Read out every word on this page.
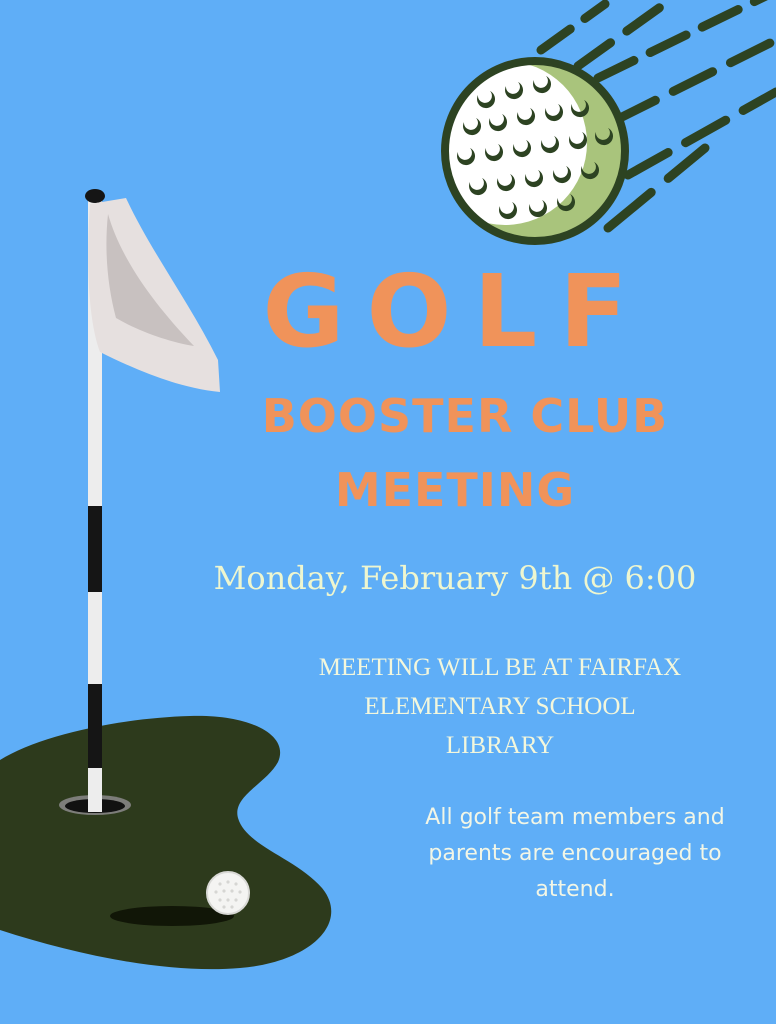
GOLF
BOOSTER CLUB
MEETING
Monday, February 9th @ 6:00
MEETING WILL BE AT FAIRFAX
ELEMENTARY SCHOOL
LIBRARY
All golf team members and
parents are encouraged to
attend.
